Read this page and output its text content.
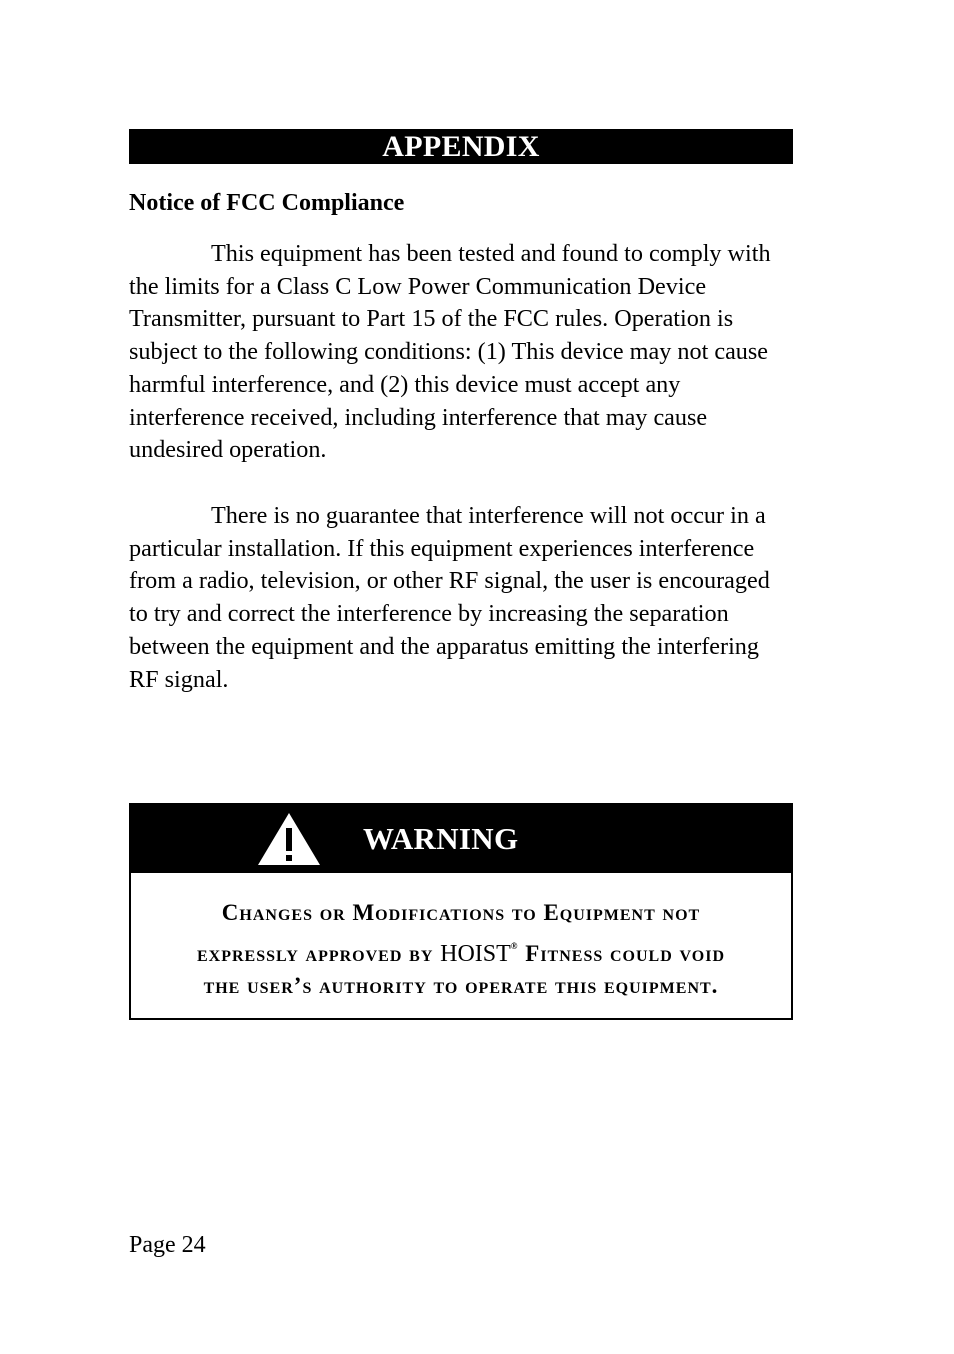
APPENDIX
Notice of FCC Compliance

This equipment has been tested and found to comply with the limits for a Class C Low Power Communication Device Transmitter, pursuant to Part 15 of the FCC rules. Operation is subject to the following conditions: (1) This device may not cause harmful interference, and (2) this device must accept any interference received, including interference that may cause undesired operation.

There is no guarantee that interference will not occur in a particular installation. If this equipment experiences interference from a radio, television, or other RF signal, the user is encouraged to try and correct the interference by increasing the separation between the equipment and the apparatus emitting the interfering RF signal.

WARNING
Changes or Modifications to Equipment not
expressly approved by HOIST® Fitness could void
the user’s authority to operate this equipment.
Page 24
